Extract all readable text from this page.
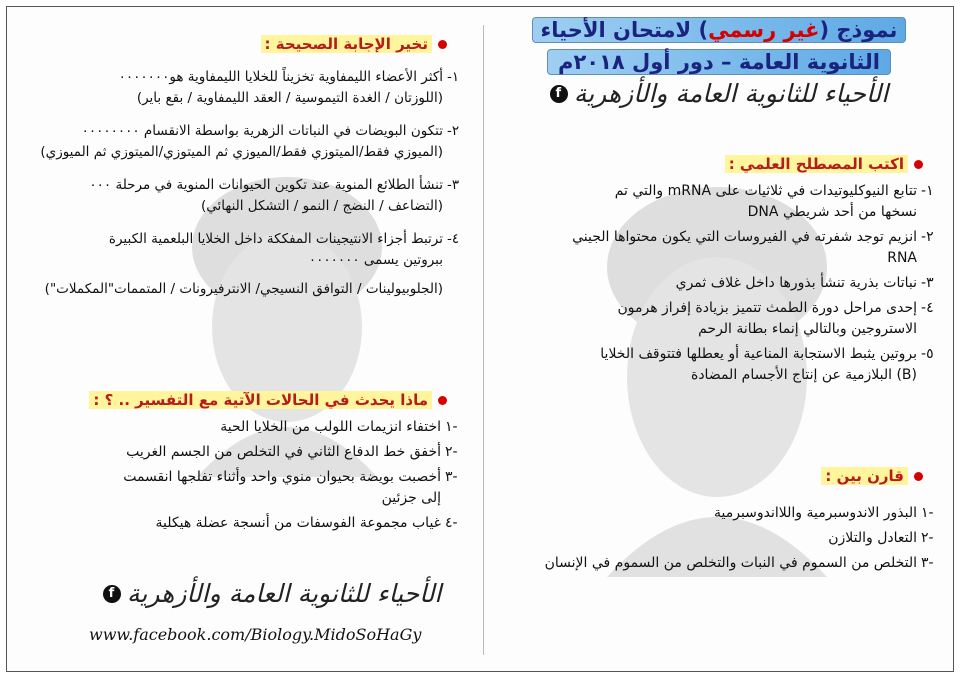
نموذج (غير رسمي) لامتحان الأحياء
الثانوية العامة – دور أول ٢٠١٨م
الأحياء للثانوية العامة والأزهرية
f
اكتب المصطلح العلمي :
١-
تتابع النيوكليوتيدات في ثلاثيات على mRNA والتي تم
نسخها من أحد شريطي DNA
٢-
انزيم توجد شفرته في الفيروسات التي يكون محتواها الجيني
RNA
٣-
نباتات بذرية تنشأ بذورها داخل غلاف ثمري
٤-
إحدى مراحل دورة الطمث تتميز بزيادة إفراز هرمون
الاستروجين وبالتالي إنماء بطانة الرحم
٥-
بروتين يثبط الاستجابة المناعية أو يعطلها فتتوقف الخلايا
(B) البلازمية عن إنتاج الأجسام المضادة
قارن بين :
-١
البذور الاندوسبرمية واللااندوسبرمية
-٢
التعادل والتلازن
-٣
التخلص من السموم في النبات والتخلص من السموم في الإنسان
تخير الإجابة الصحيحة :
١-
أكثر الأعضاء الليمفاوية تخزيناً للخلايا الليمفاوية هو٠٠٠٠٠٠٠
(اللوزتان / الغدة التيموسية / العقد الليمفاوية / بقع باير)
٢-
تتكون البويضات في النباتات الزهرية بواسطة الانقسام ٠٠٠٠٠٠٠٠
(الميوزي فقط/الميتوزي فقط/الميوزي ثم الميتوزي/الميتوزي ثم الميوزي)
٣-
تنشأ الطلائع المنوية عند تكوين الحيوانات المنوية في مرحلة ٠٠٠
(التضاعف / النضج / النمو / التشكل النهائي)
٤-
ترتبط أجزاء الانتيجينات المفككة داخل الخلايا البلعمية الكبيرة
ببروتين يسمى ٠٠٠٠٠٠٠
(الجلوبيولينات / التوافق النسيجي/ الانترفيرونات / المتممات"المكملات")
ماذا يحدث في الحالات الآتية مع التفسير .. ؟ :
-١
اختفاء انزيمات اللولب من الخلايا الحية
-٢
أخفق خط الدفاع الثاني في التخلص من الجسم الغريب
-٣
أخصبت بويضة بحيوان منوي واحد وأثناء تفلجها انقسمت
إلى جزئين
-٤
غياب مجموعة الفوسفات من أنسجة عضلة هيكلية
الأحياء للثانوية العامة والأزهرية
f
www.facebook.com/Biology.MidoSoHaGy
